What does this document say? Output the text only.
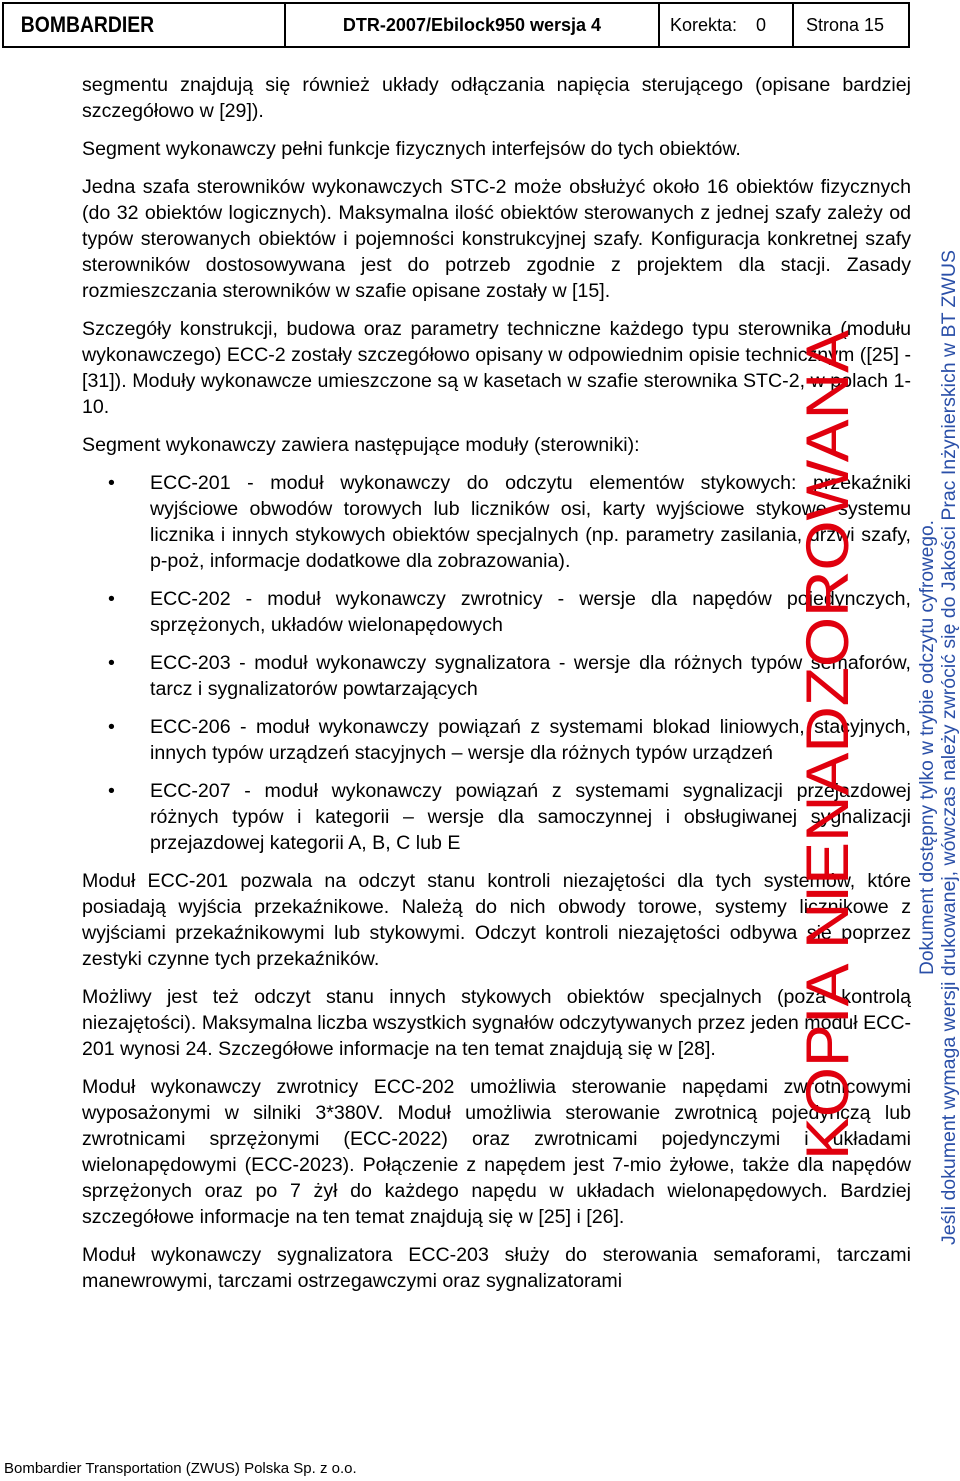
BOMBARDIER	DTR-2007/Ebilock950 wersja 4	Korekta: 0	Strona 15

segmentu znajdują się również układy odłączania napięcia sterującego (opisane bardziej szczegółowo w [29]).

Segment wykonawczy pełni funkcje fizycznych interfejsów do tych obiektów.

Jedna szafa sterowników wykonawczych STC-2 może obsłużyć około 16 obiektów fizycznych (do 32 obiektów logicznych). Maksymalna ilość obiektów sterowanych z jednej szafy zależy od typów sterowanych obiektów i pojemności konstrukcyjnej szafy. Konfiguracja konkretnej szafy sterowników dostosowywana jest do potrzeb zgodnie z projektem dla stacji. Zasady rozmieszczania sterowników w szafie opisane zostały w [15].

Szczegóły konstrukcji, budowa oraz parametry techniczne każdego typu sterownika (modułu wykonawczego) ECC-2 zostały szczegółowo opisany w odpowiednim opisie technicznym ([25] - [31]). Moduły wykonawcze umieszczone są w kasetach w szafie sterownika STC-2, w polach 1-10.

Segment wykonawczy zawiera następujące moduły (sterowniki):

• ECC-201 - moduł wykonawczy do odczytu elementów stykowych: przekaźniki wyjściowe obwodów torowych lub liczników osi, karty wyjściowe stykowe systemu licznika i innych stykowych obiektów specjalnych (np. parametry zasilania, drzwi szafy, p-poż, informacje dodatkowe dla zobrazowania).
• ECC-202 - moduł wykonawczy zwrotnicy - wersje dla napędów pojedynczych, sprzężonych, układów wielonapędowych
• ECC-203 - moduł wykonawczy sygnalizatora - wersje dla różnych typów semaforów, tarcz i sygnalizatorów powtarzających
• ECC-206 - moduł wykonawczy powiązań z systemami blokad liniowych, stacyjnych, innych typów urządzeń stacyjnych – wersje dla różnych typów urządzeń
• ECC-207 - moduł wykonawczy powiązań z systemami sygnalizacji przejazdowej różnych typów i kategorii – wersje dla samoczynnej i obsługiwanej sygnalizacji przejazdowej kategorii A, B, C lub E

Moduł ECC-201 pozwala na odczyt stanu kontroli niezajętości dla tych systemów, które posiadają wyjścia przekaźnikowe. Należą do nich obwody torowe, systemy licznikowe z wyjściami przekaźnikowymi lub stykowymi. Odczyt kontroli niezajętości odbywa się poprzez zestyki czynne tych przekaźników.

Możliwy jest też odczyt stanu innych stykowych obiektów specjalnych (poza kontrolą niezajętości). Maksymalna liczba wszystkich sygnałów odczytywanych przez jeden moduł ECC-201 wynosi 24. Szczegółowe informacje na ten temat znajdują się w [28].

Moduł wykonawczy zwrotnicy ECC-202 umożliwia sterowanie napędami zwrotnicowymi wyposażonymi w silniki 3*380V. Moduł umożliwia sterowanie zwrotnicą pojedynczą lub zwrotnicami sprzężonymi (ECC-2022) oraz zwrotnicami pojedynczymi i układami wielonapędowymi (ECC-2023). Połączenie z napędem jest 7-mio żyłowe, także dla napędów sprzężonych oraz po 7 żył do każdego napędu w układach wielonapędowych. Bardziej szczegółowe informacje na ten temat znajdują się w [25] i [26].

Moduł wykonawczy sygnalizatora ECC-203 służy do sterowania semaforami, tarczami manewrowymi, tarczami ostrzegawczymi oraz sygnalizatorami

KOPIA NIENADZOROWANA	Dokument dostępny tylko w trybie odczytu cyfrowego. Jeśli dokument wymaga wersji drukowanej, wówczas należy zwrócić się do Jakości Prac Inżynierskich w BT ZWUS
Bombardier Transportation (ZWUS) Polska Sp. z o.o.
